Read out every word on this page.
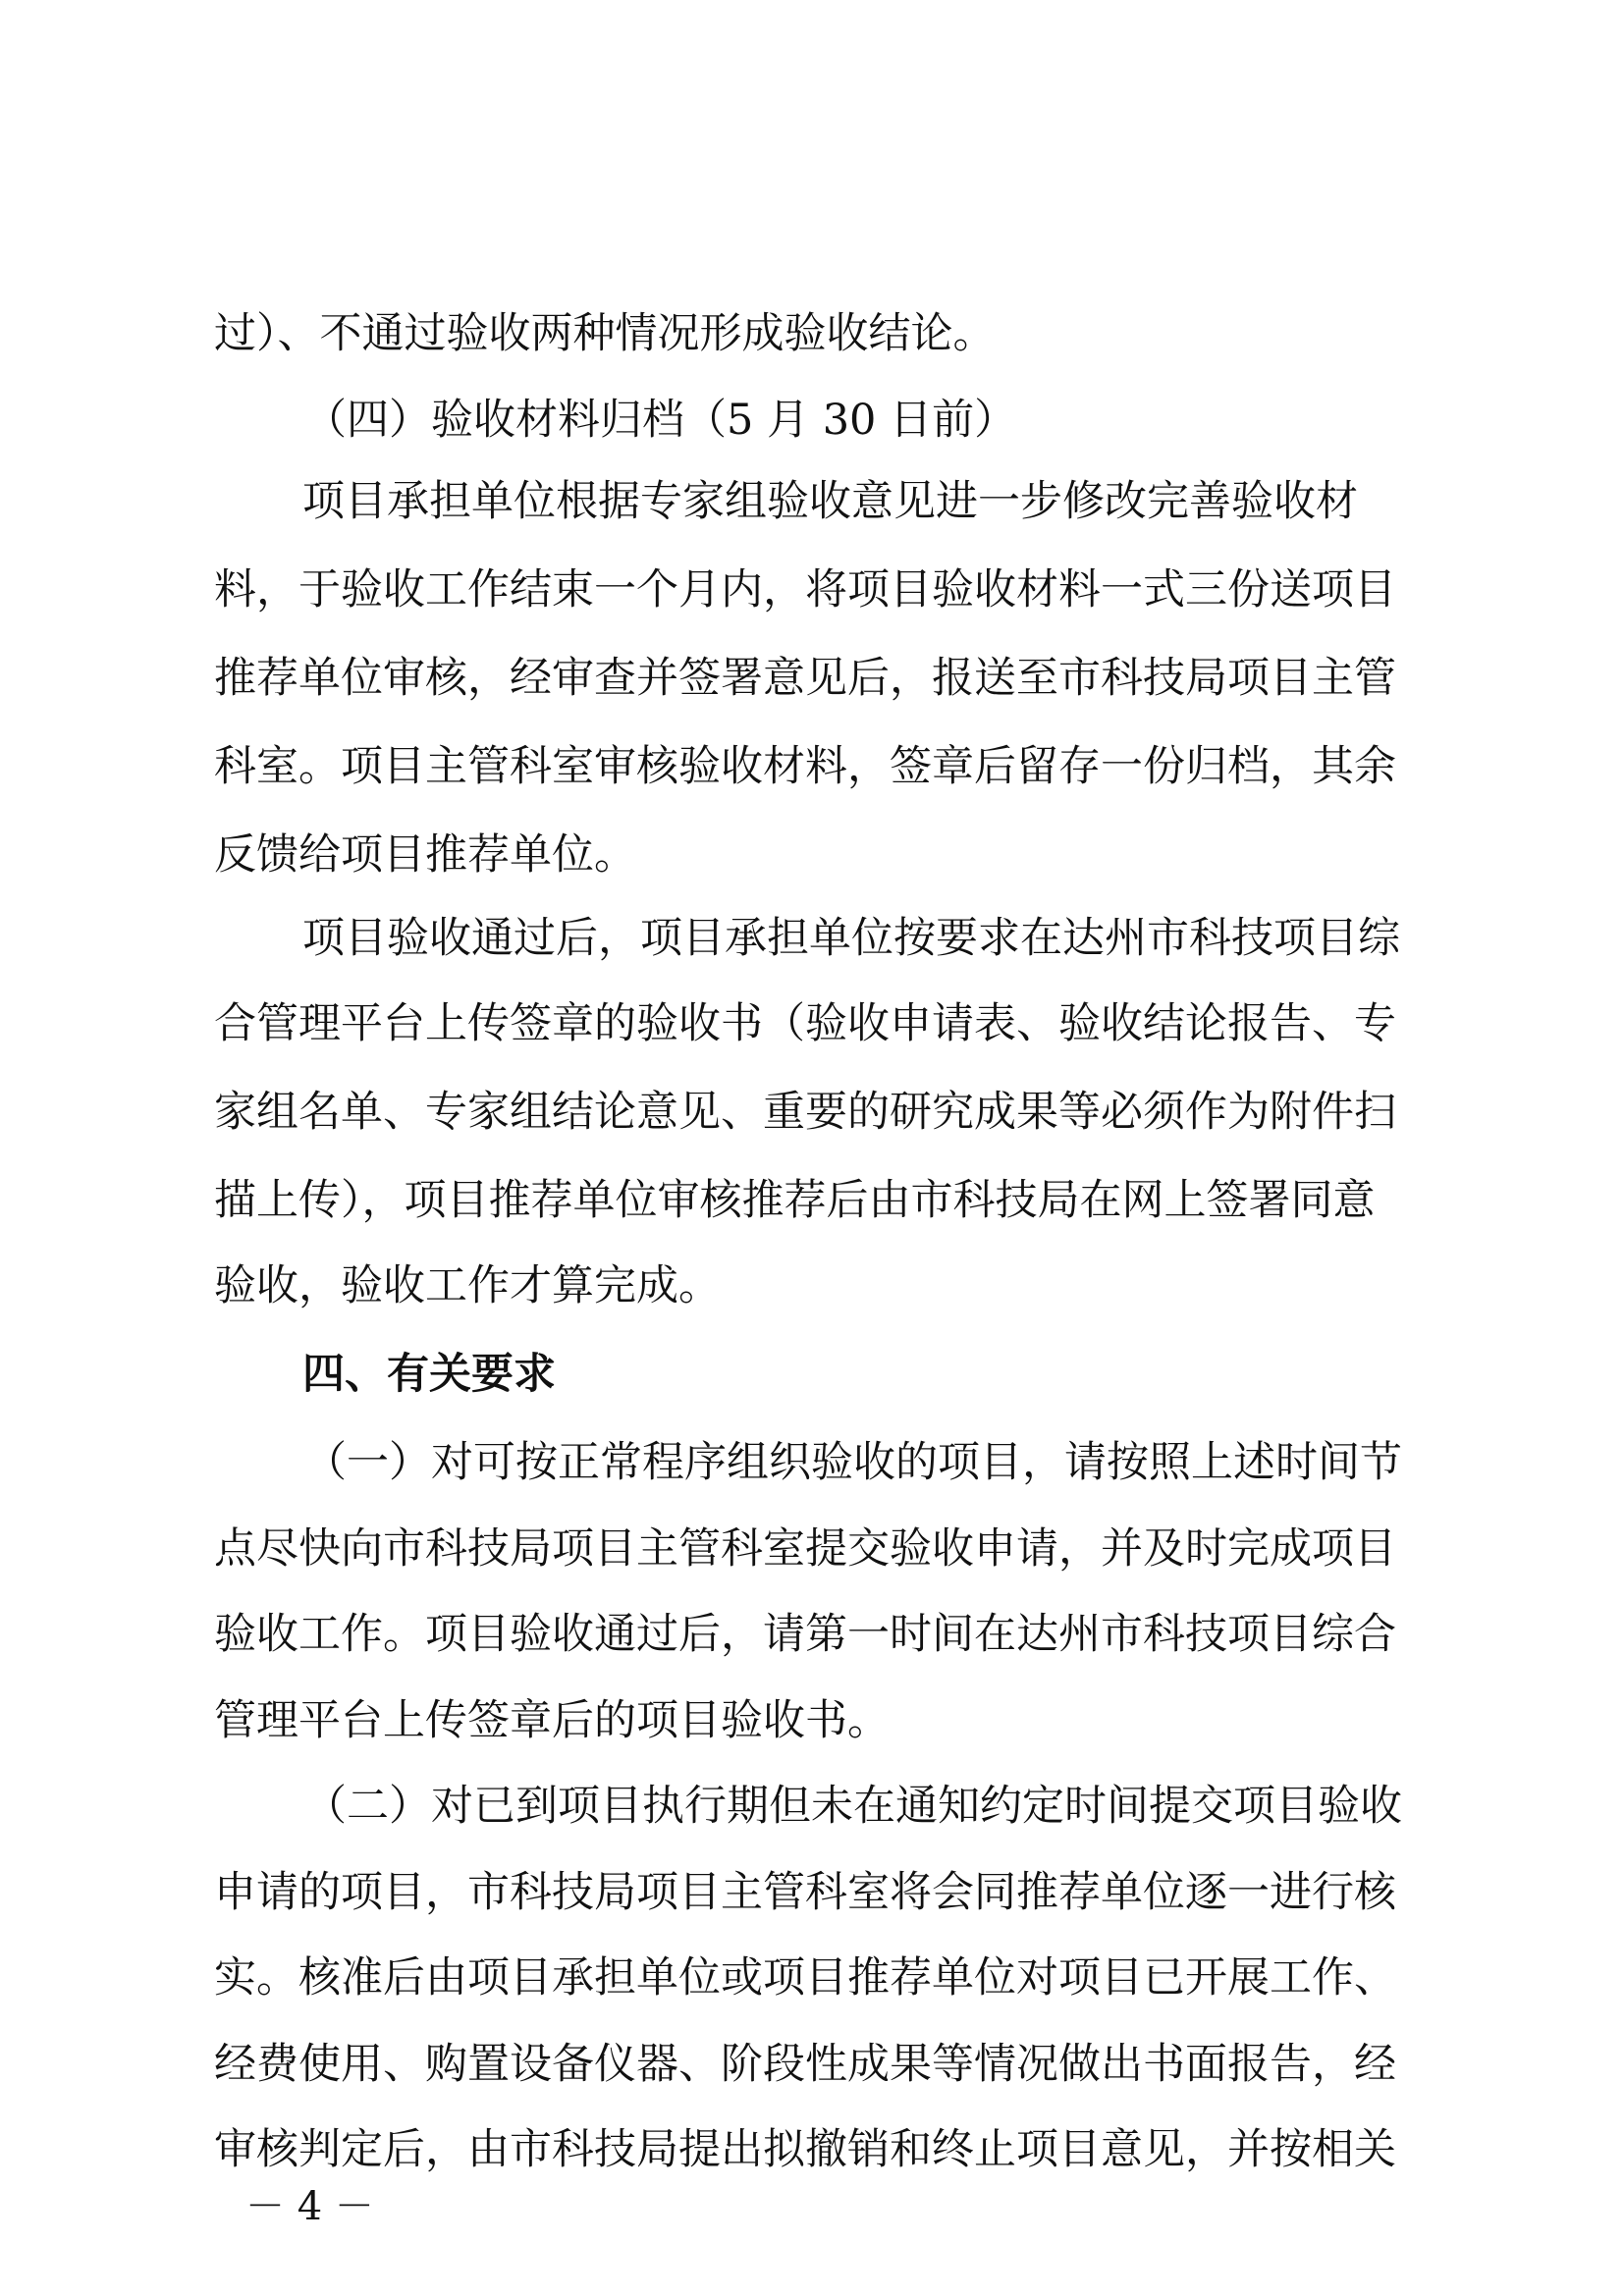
过）、不通过验收两种情况形成验收结论。
（四）验收材料归档（5 月 30 日前）
项目承担单位根据专家组验收意见进一步修改完善验收材
料，于验收工作结束一个月内，将项目验收材料一式三份送项目
推荐单位审核，经审查并签署意见后，报送至市科技局项目主管
科室。项目主管科室审核验收材料，签章后留存一份归档，其余
反馈给项目推荐单位。
项目验收通过后，项目承担单位按要求在达州市科技项目综
合管理平台上传签章的验收书（验收申请表、验收结论报告、专
家组名单、专家组结论意见、重要的研究成果等必须作为附件扫
描上传），项目推荐单位审核推荐后由市科技局在网上签署同意
验收，验收工作才算完成。
四、有关要求
（一）对可按正常程序组织验收的项目，请按照上述时间节
点尽快向市科技局项目主管科室提交验收申请，并及时完成项目
验收工作。项目验收通过后，请第一时间在达州市科技项目综合
管理平台上传签章后的项目验收书。
（二）对已到项目执行期但未在通知约定时间提交项目验收
申请的项目，市科技局项目主管科室将会同推荐单位逐一进行核
实。核准后由项目承担单位或项目推荐单位对项目已开展工作、
经费使用、购置设备仪器、阶段性成果等情况做出书面报告，经
审核判定后，由市科技局提出拟撤销和终止项目意见，并按相关
－ 4 －
